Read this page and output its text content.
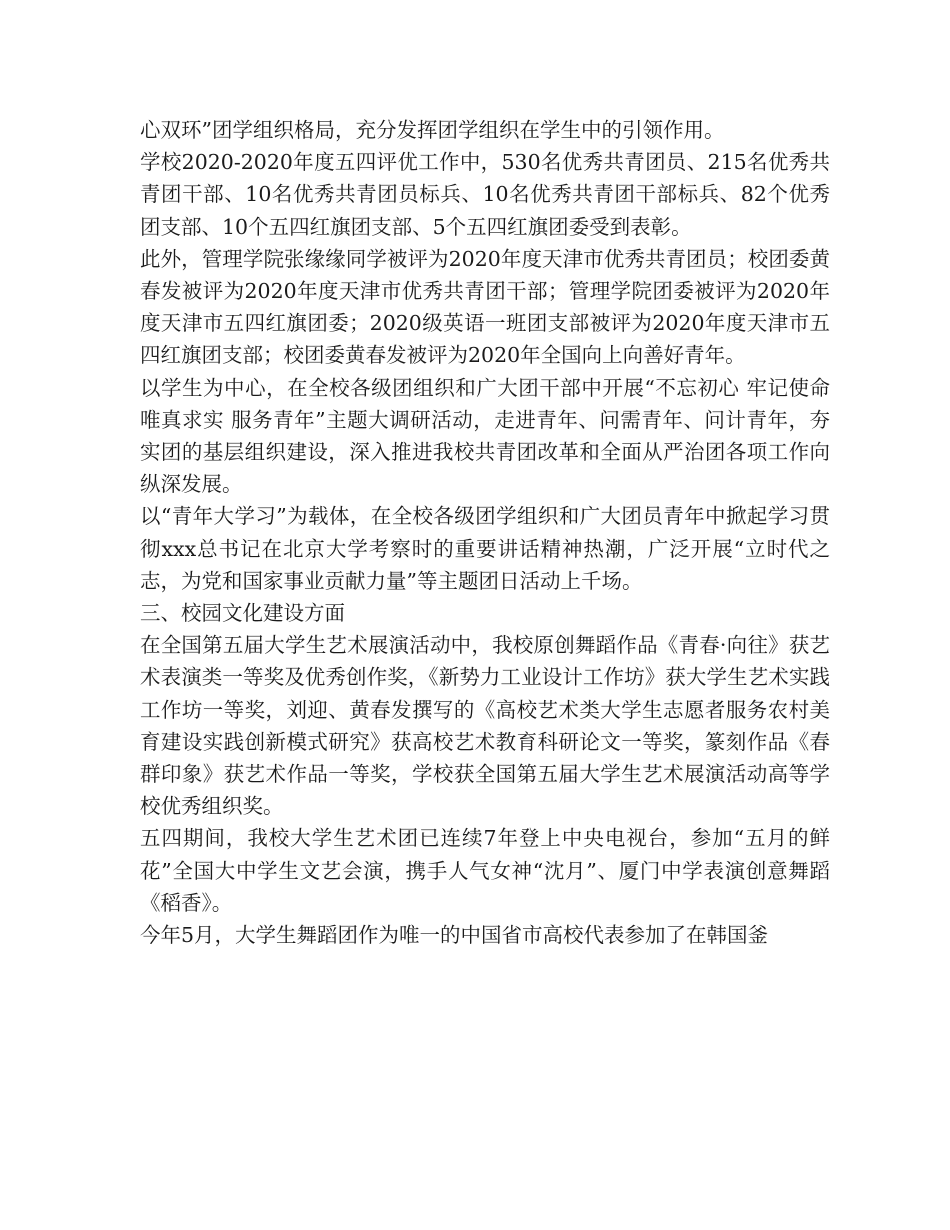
心双环”团学组织格局，充分发挥团学组织在学生中的引领作用。

学校2020-2020年度五四评优工作中，530名优秀共青团员、215名优秀共青团干部、10名优秀共青团员标兵、10名优秀共青团干部标兵、82个优秀团支部、10个五四红旗团支部、5个五四红旗团委受到表彰。

此外，管理学院张缘缘同学被评为2020年度天津市优秀共青团员；校团委黄春发被评为2020年度天津市优秀共青团干部；管理学院团委被评为2020年度天津市五四红旗团委；2020级英语一班团支部被评为2020年度天津市五四红旗团支部；校团委黄春发被评为2020年全国向上向善好青年。

以学生为中心，在全校各级团组织和广大团干部中开展“不忘初心 牢记使命 唯真求实 服务青年”主题大调研活动，走进青年、问需青年、问计青年，夯实团的基层组织建设，深入推进我校共青团改革和全面从严治团各项工作向纵深发展。

以“青年大学习”为载体，在全校各级团学组织和广大团员青年中掀起学习贯彻xxx总书记在北京大学考察时的重要讲话精神热潮，广泛开展“立时代之志，为党和国家事业贡献力量”等主题团日活动上千场。

三、校园文化建设方面

在全国第五届大学生艺术展演活动中，我校原创舞蹈作品《青春·向往》获艺术表演类一等奖及优秀创作奖，《新势力工业设计工作坊》获大学生艺术实践工作坊一等奖，刘迎、黄春发撰写的《高校艺术类大学生志愿者服务农村美育建设实践创新模式研究》获高校艺术教育科研论文一等奖，篆刻作品《春群印象》获艺术作品一等奖，学校获全国第五届大学生艺术展演活动高等学校优秀组织奖。

五四期间，我校大学生艺术团已连续7年登上中央电视台，参加“五月的鲜花”全国大中学生文艺会演，携手人气女神“沈月”、厦门中学表演创意舞蹈《稻香》。

今年5月，大学生舞蹈团作为唯一的中国省市高校代表参加了在韩国釜
